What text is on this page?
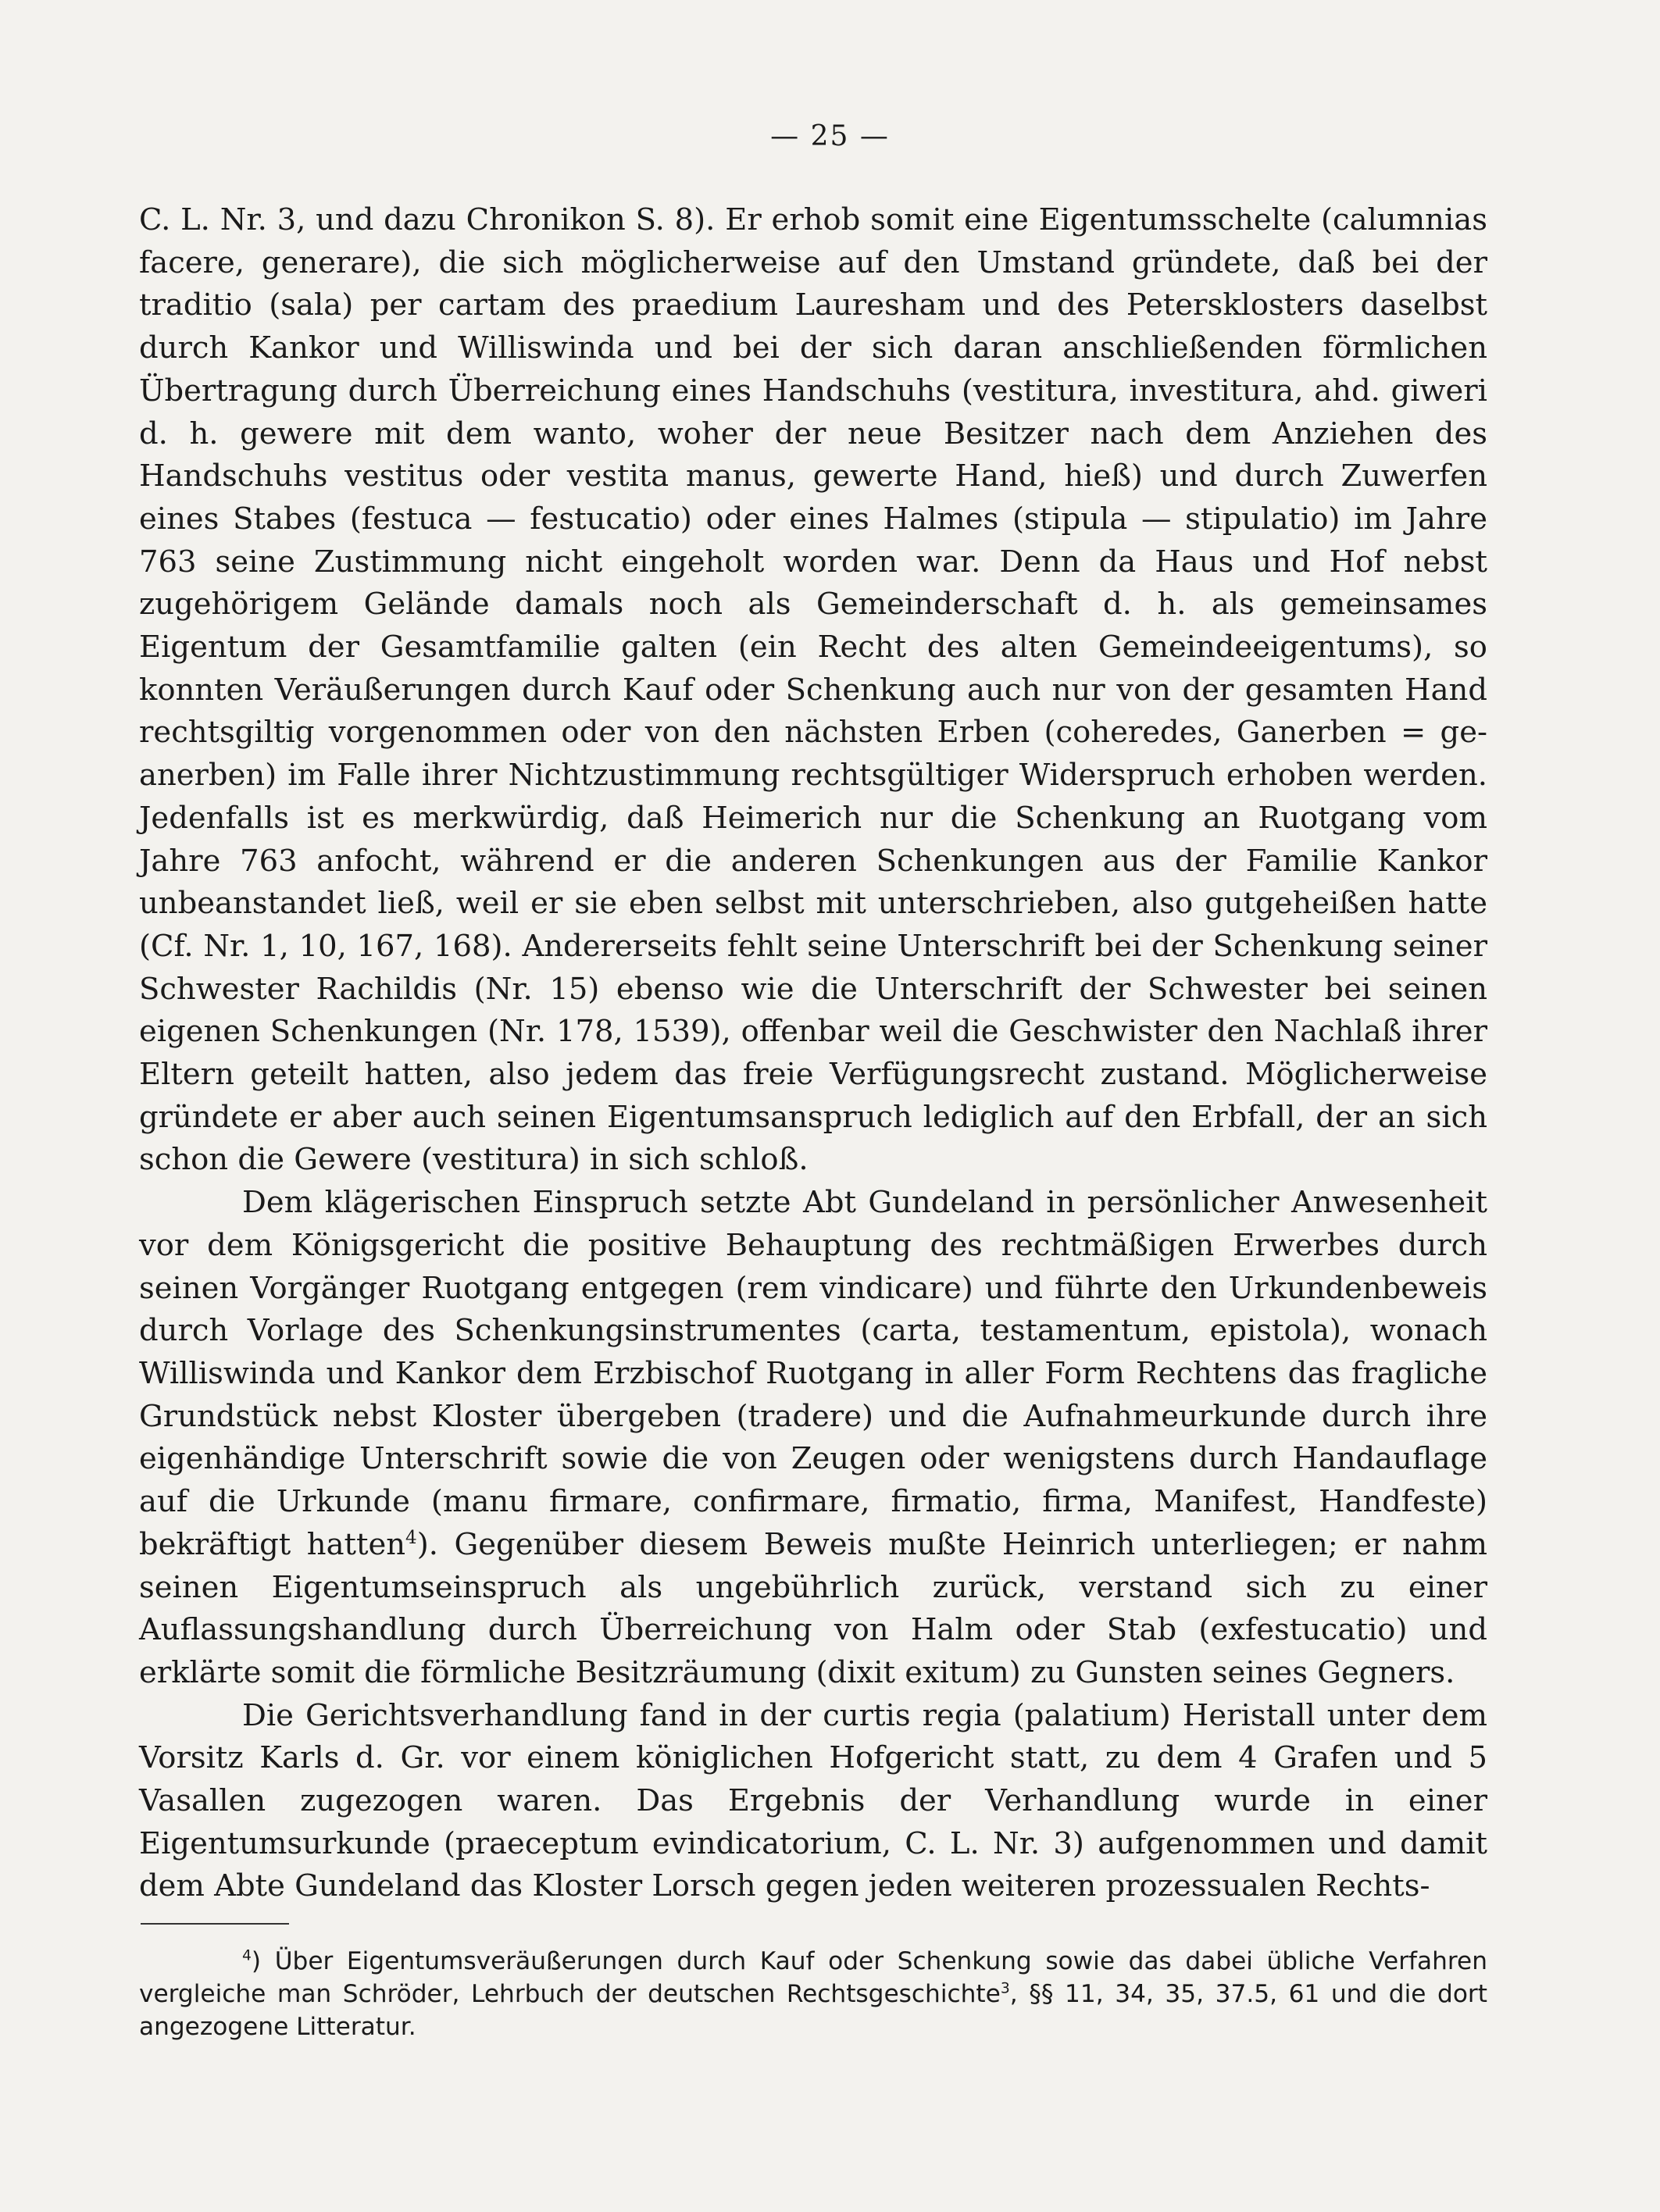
— 25 —

C. L. Nr. 3, und dazu Chronikon S. 8). Er erhob somit eine Eigentumsschelte (calumnias facere, generare), die sich möglicherweise auf den Umstand gründete, daß bei der traditio (sala) per cartam des praedium Lauresham und des Petersklosters daselbst durch Kankor und Williswinda und bei der sich daran anschließenden förmlichen Übertragung durch Überreichung eines Handschuhs (vestitura, investitura, ahd. giweri d. h. gewere mit dem wanto, woher der neue Besitzer nach dem Anziehen des Handschuhs vestitus oder vestita manus, gewerte Hand, hieß) und durch Zuwerfen eines Stabes (festuca — festucatio) oder eines Halmes (stipula — stipulatio) im Jahre 763 seine Zustimmung nicht eingeholt worden war. Denn da Haus und Hof nebst zugehörigem Gelände damals noch als Gemeinderschaft d. h. als gemeinsames Eigentum der Gesamtfamilie galten (ein Recht des alten Gemeindeeigentums), so konnten Veräußerungen durch Kauf oder Schenkung auch nur von der gesamten Hand rechtsgiltig vorgenommen oder von den nächsten Erben (coheredes, Ganerben = ge-anerben) im Falle ihrer Nichtzustimmung rechtsgültiger Widerspruch erhoben werden. Jedenfalls ist es merkwürdig, daß Heimerich nur die Schenkung an Ruotgang vom Jahre 763 anfocht, während er die anderen Schenkungen aus der Familie Kankor unbeanstandet ließ, weil er sie eben selbst mit unterschrieben, also gutgeheißen hatte (Cf. Nr. 1, 10, 167, 168). Andererseits fehlt seine Unterschrift bei der Schenkung seiner Schwester Rachildis (Nr. 15) ebenso wie die Unterschrift der Schwester bei seinen eigenen Schenkungen (Nr. 178, 1539), offenbar weil die Geschwister den Nachlaß ihrer Eltern geteilt hatten, also jedem das freie Verfügungsrecht zustand. Möglicherweise gründete er aber auch seinen Eigentumsanspruch lediglich auf den Erbfall, der an sich schon die Gewere (vestitura) in sich schloß.

Dem klägerischen Einspruch setzte Abt Gundeland in persönlicher Anwesenheit vor dem Königsgericht die positive Behauptung des rechtmäßigen Erwerbes durch seinen Vorgänger Ruotgang entgegen (rem vindicare) und führte den Urkundenbeweis durch Vorlage des Schenkungsinstrumentes (carta, testamentum, epistola), wonach Williswinda und Kankor dem Erzbischof Ruotgang in aller Form Rechtens das fragliche Grundstück nebst Kloster übergeben (tradere) und die Aufnahmeurkunde durch ihre eigenhändige Unterschrift sowie die von Zeugen oder wenigstens durch Handauflage auf die Urkunde (manu firmare, confirmare, firmatio, firma, Manifest, Handfeste) bekräftigt hatten$^4$). Gegenüber diesem Beweis mußte Heinrich unterliegen; er nahm seinen Eigentumseinspruch als ungebührlich zurück, verstand sich zu einer Auflassungshandlung durch Überreichung von Halm oder Stab (exfestucatio) und erklärte somit die förmliche Besitzräumung (dixit exitum) zu Gunsten seines Gegners.

Die Gerichtsverhandlung fand in der curtis regia (palatium) Heristall unter dem Vorsitz Karls d. Gr. vor einem königlichen Hofgericht statt, zu dem 4 Grafen und 5 Vasallen zugezogen waren. Das Ergebnis der Verhandlung wurde in einer Eigentumsurkunde (praeceptum evindicatorium, C. L. Nr. 3) aufgenommen und damit dem Abte Gundeland das Kloster Lorsch gegen jeden weiteren prozessualen Rechts-

$^4$) Über Eigentumsveräußerungen durch Kauf oder Schenkung sowie das dabei übliche Verfahren vergleiche man Schröder, Lehrbuch der deutschen Rechtsgeschichte$^3$, §§ 11, 34, 35, 37.5, 61 und die dort angezogene Litteratur.
